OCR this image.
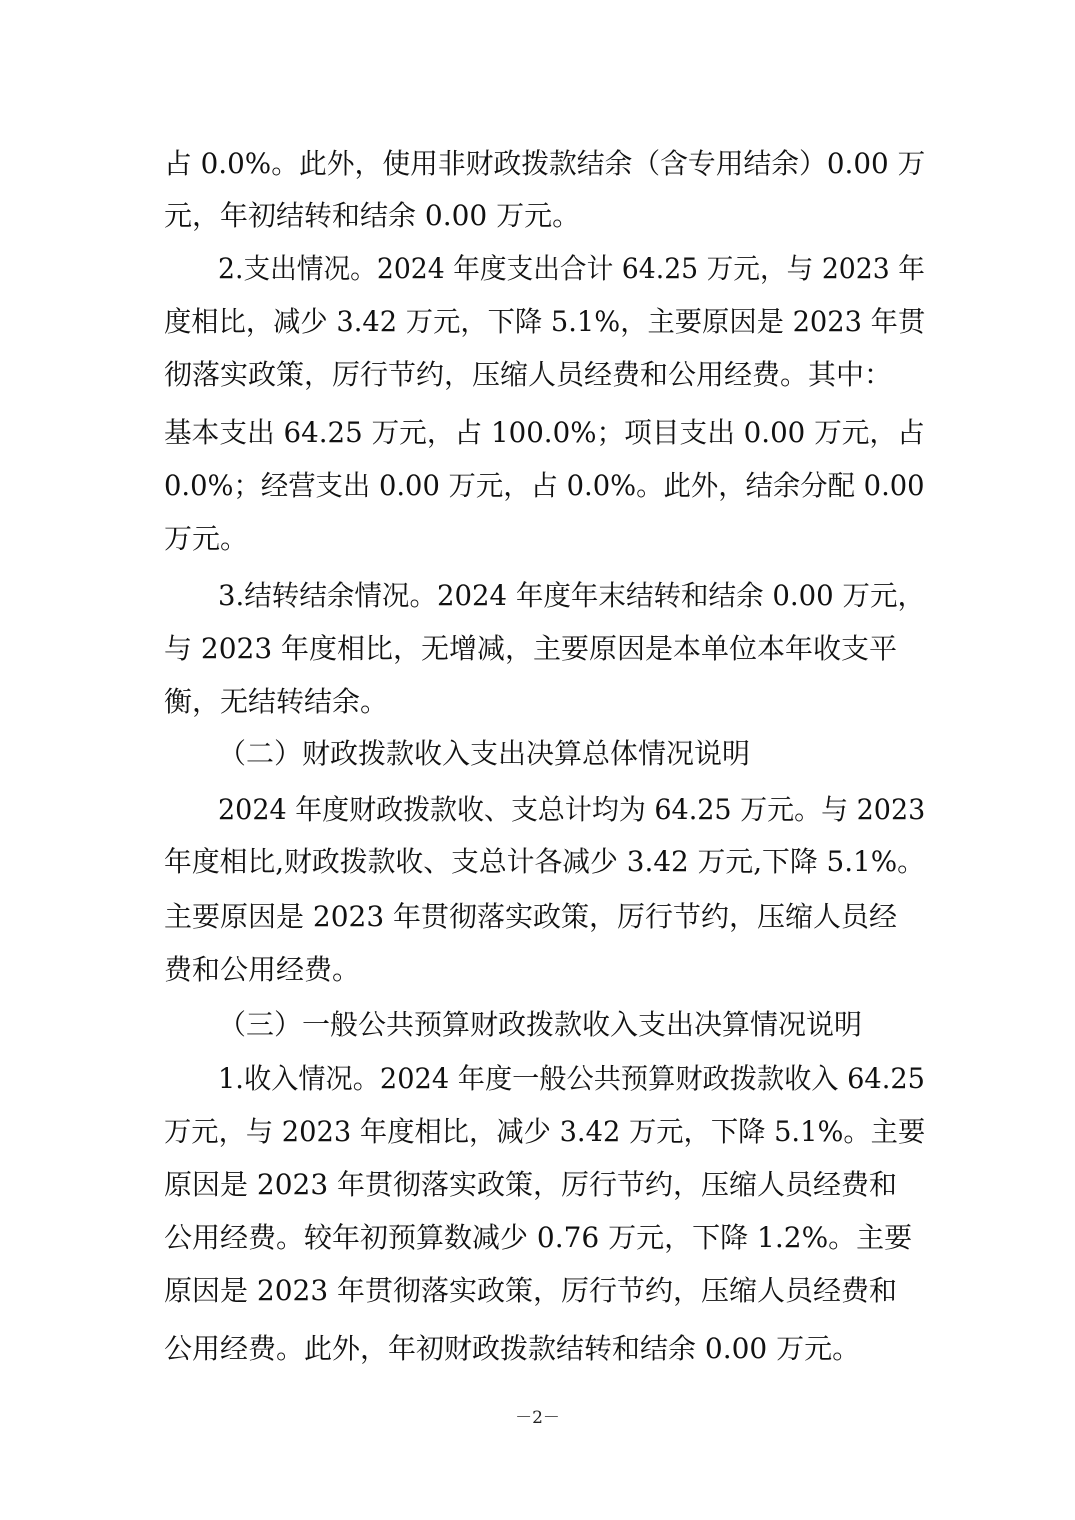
占 0.0%。此外，使用非财政拨款结余（含专用结余）0.00 万
元，年初结转和结余 0.00 万元。
2.支出情况。2024 年度支出合计 64.25 万元，与 2023 年
度相比，减少 3.42 万元，下降 5.1%，主要原因是 2023 年贯
彻落实政策，厉行节约，压缩人员经费和公用经费。其中：
基本支出 64.25 万元，占 100.0%；项目支出 0.00 万元，占
0.0%；经营支出 0.00 万元，占 0.0%。此外，结余分配 0.00
万元。
3.结转结余情况。2024 年度年末结转和结余 0.00 万元，
与 2023 年度相比，无增减，主要原因是本单位本年收支平
衡，无结转结余。
（二）财政拨款收入支出决算总体情况说明
2024 年度财政拨款收、支总计均为 64.25 万元。与 2023
年度相比,财政拨款收、支总计各减少 3.42 万元,下降 5.1%。
主要原因是 2023 年贯彻落实政策，厉行节约，压缩人员经
费和公用经费。
（三）一般公共预算财政拨款收入支出决算情况说明
1.收入情况。2024 年度一般公共预算财政拨款收入 64.25
万元，与 2023 年度相比，减少 3.42 万元，下降 5.1%。主要
原因是 2023 年贯彻落实政策，厉行节约，压缩人员经费和
公用经费。较年初预算数减少 0.76 万元，下降 1.2%。主要
原因是 2023 年贯彻落实政策，厉行节约，压缩人员经费和
公用经费。此外，年初财政拨款结转和结余 0.00 万元。
－2－
